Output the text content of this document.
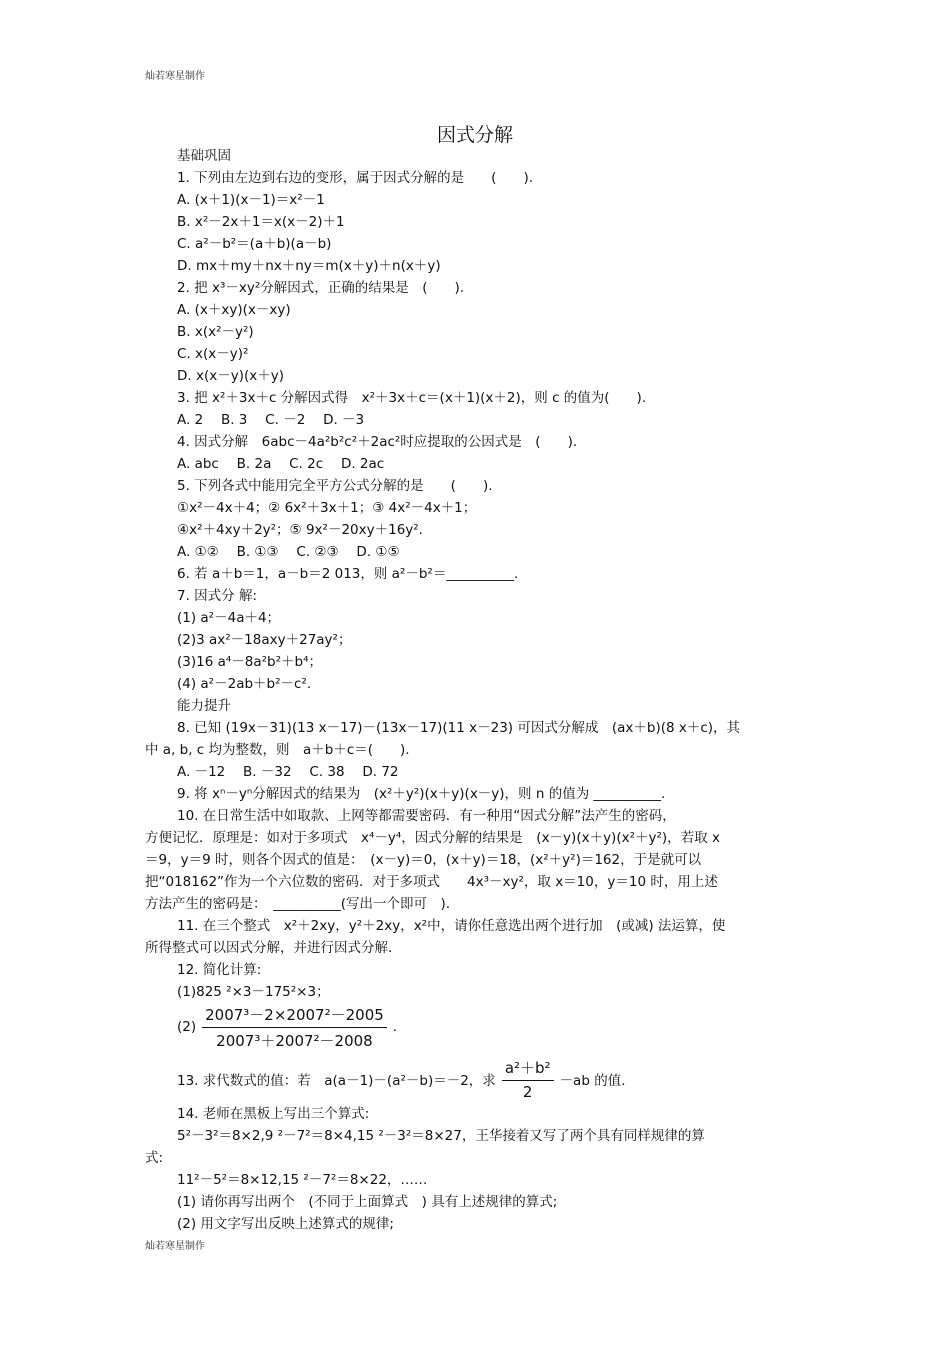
灿若寒星制作
因式分解
基础巩固
1. 下列由左边到右边的变形，属于因式分解的是　　(　　).
A. (x＋1)(x－1)＝x²－1
B. x²－2x＋1＝x(x－2)＋1
C. a²－b²＝(a＋b)(a－b)
D. mx＋my＋nx＋ny＝m(x＋y)＋n(x＋y)
2. 把 x³－xy²分解因式，正确的结果是　(　　).
A. (x＋xy)(x－xy)
B. x(x²－y²)
C. x(x－y)²
D. x(x－y)(x＋y)
3. 把 x²＋3x＋c 分解因式得　x²＋3x＋c＝(x＋1)(x＋2)，则 c 的值为(　　).
A. 2　 B. 3　 C. －2　 D. －3
4. 因式分解　6abc－4a²b²c²＋2ac²时应提取的公因式是　(　　).
A. abc　 B. 2a　 C. 2c　 D. 2ac
5. 下列各式中能用完全平方公式分解的是　　(　　).
①x²－4x＋4；② 6x²＋3x＋1；③ 4x²－4x＋1；
④x²＋4xy＋2y²；⑤ 9x²－20xy＋16y².
A. ①②　 B. ①③　 C. ②③　 D. ①⑤
6. 若 a＋b＝1，a－b＝2 013，则 a²－b²＝__________.
7. 因式分 解:
(1) a²－4a＋4；
(2)3 ax²－18axy＋27ay²；
(3)16 a⁴－8a²b²＋b⁴；
(4) a²－2ab＋b²－c².
能力提升
8. 已知 (19x－31)(13 x－17)－(13x－17)(11 x－23) 可因式分解成　(ax＋b)(8 x＋c)，其
中 a, b, c 均为整数，则　a＋b＋c＝(　　).
A. －12　 B. －32　 C. 38　 D. 72
9. 将 xⁿ－yⁿ分解因式的结果为　(x²＋y²)(x＋y)(x－y)，则 n 的值为 __________.
10. 在日常生活中如取款、上网等都需要密码．有一种用“因式分解”法产生的密码，
方便记忆．原理是：如对于多项式　x⁴－y⁴，因式分解的结果是　(x－y)(x＋y)(x²＋y²)，若取 x
＝9，y＝9 时，则各个因式的值是：　(x－y)＝0，(x＋y)＝18，(x²＋y²)＝162，于是就可以
把“018162”作为一个六位数的密码．对于多项式　　4x³－xy²，取 x＝10，y＝10 时，用上述
方法产生的密码是：　__________(写出一个即可　).
11. 在三个整式　x²＋2xy，y²＋2xy，x²中，请你任意选出两个进行加　(或减) 法运算，使
所得整式可以因式分解，并进行因式分解.
12. 简化计算:
(1)825 ²×3－175²×3；
$(2) \frac{\text{2007³－2×2007²－2005}}{\text{2007³＋2007²－2008}}$ .
13. 求代数式的值：若　a(a－1)－(a²－b)＝－2，求 $\frac{\text{a²＋b²}}{2} -ab$ 的值.
14. 老师在黑板上写出三个算式:
5²－3²＝8×2,9 ²－7²＝8×4,15 ²－3²＝8×27，王华接着又写了两个具有同样规律的算
式:
11²－5²＝8×12,15 ²－7²＝8×22，……
(1) 请你再写出两个　(不同于上面算式　) 具有上述规律的算式;
(2) 用文字写出反映上述算式的规律;
灿若寒星制作
